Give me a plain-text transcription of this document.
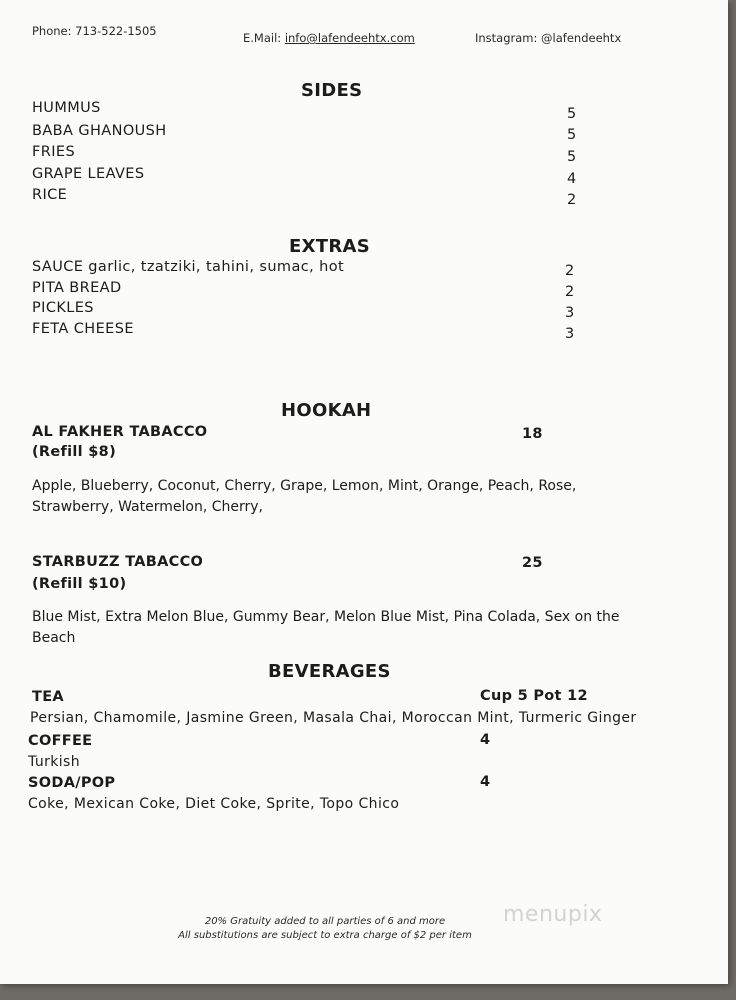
Phone: 713-522-1505	E.Mail: info@lafendeehtx.com	Instagram: @lafendeehtx
SIDES
HUMMUS	5
BABA GHANOUSH	5
FRIES	5
GRAPE LEAVES	4
RICE	2
EXTRAS
SAUCE garlic, tzatziki, tahini, sumac, hot	2
PITA BREAD	2
PICKLES	3
FETA CHEESE	3
HOOKAH
AL FAKHER TABACCO	18
(Refill $8)
Apple, Blueberry, Coconut, Cherry, Grape, Lemon, Mint, Orange, Peach, Rose, Strawberry, Watermelon, Cherry,
STARBUZZ TABACCO	25
(Refill $10)
Blue Mist, Extra Melon Blue, Gummy Bear, Melon Blue Mist, Pina Colada, Sex on the Beach
BEVERAGES
TEA	Cup 5 Pot 12
Persian, Chamomile, Jasmine Green, Masala Chai, Moroccan Mint, Turmeric Ginger
COFFEE	4
Turkish
SODA/POP	4
Coke, Mexican Coke, Diet Coke, Sprite, Topo Chico
20% Gratuity added to all parties of 6 and more
All substitutions are subject to extra charge of $2 per item
menupix
